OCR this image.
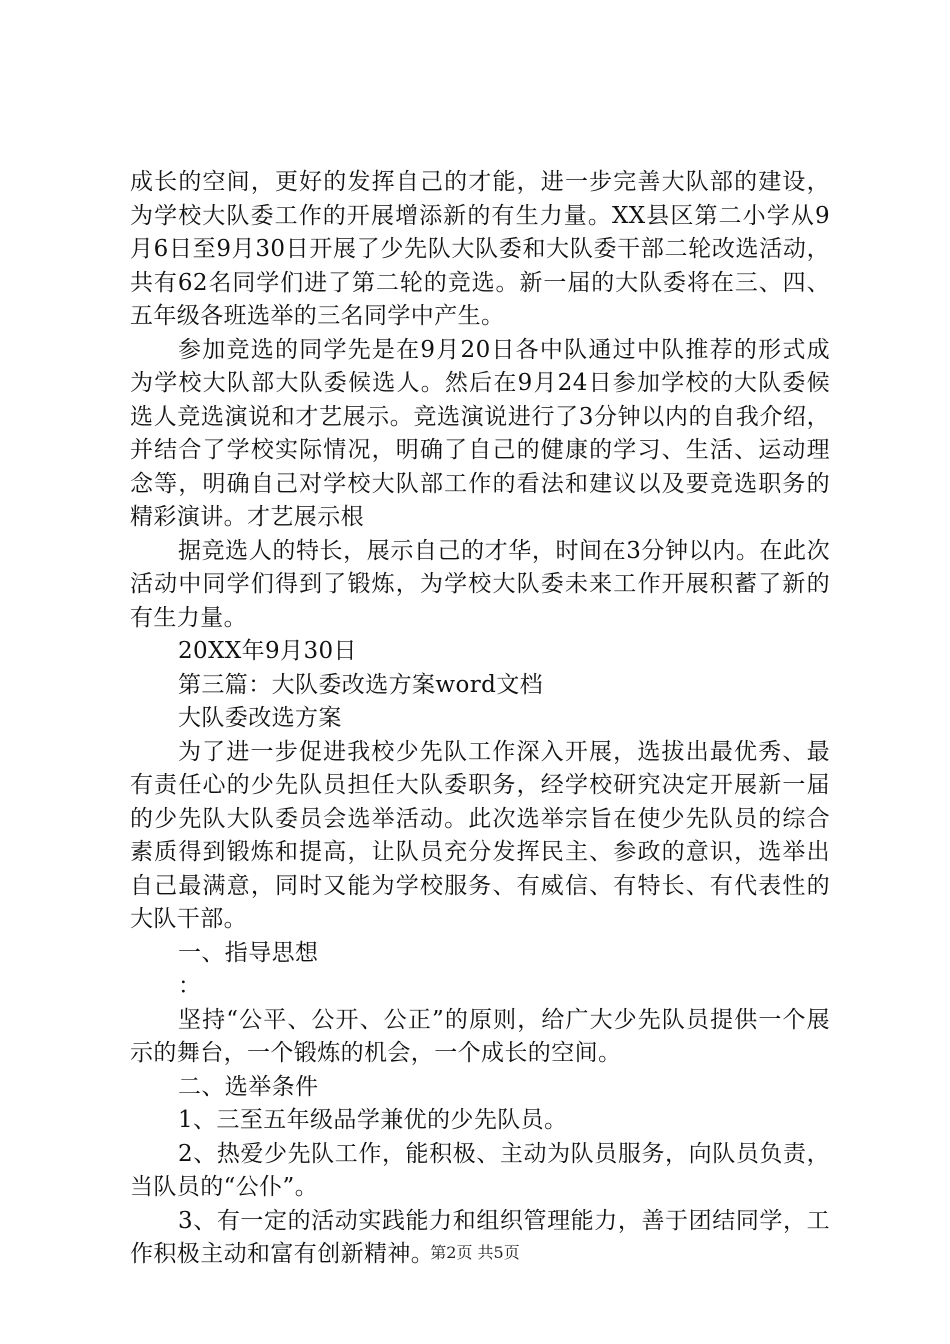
成长的空间，更好的发挥自己的才能，进一步完善大队部的建设，为学校大队委工作的开展增添新的有生力量。XX县区第二小学从9月6日至9月30日开展了少先队大队委和大队委干部二轮改选活动，共有62名同学们进了第二轮的竞选。新一届的大队委将在三、四、五年级各班选举的三名同学中产生。

参加竞选的同学先是在9月20日各中队通过中队推荐的形式成为学校大队部大队委候选人。然后在9月24日参加学校的大队委候选人竞选演说和才艺展示。竞选演说进行了3分钟以内的自我介绍，并结合了学校实际情况，明确了自己的健康的学习、生活、运动理念等，明确自己对学校大队部工作的看法和建议以及要竞选职务的精彩演讲。才艺展示根

据竞选人的特长，展示自己的才华，时间在3分钟以内。在此次活动中同学们得到了锻炼，为学校大队委未来工作开展积蓄了新的有生力量。

20XX年9月30日

第三篇：大队委改选方案word文档

大队委改选方案

为了进一步促进我校少先队工作深入开展，选拔出最优秀、最有责任心的少先队员担任大队委职务，经学校研究决定开展新一届的少先队大队委员会选举活动。此次选举宗旨在使少先队员的综合素质得到锻炼和提高，让队员充分发挥民主、参政的意识，选举出自己最满意，同时又能为学校服务、有威信、有特长、有代表性的大队干部。

一、指导思想

：

坚持“公平、公开、公正”的原则，给广大少先队员提供一个展示的舞台，一个锻炼的机会，一个成长的空间。

二、选举条件

1、三至五年级品学兼优的少先队员。

2、热爱少先队工作，能积极、主动为队员服务，向队员负责，当队员的“公仆”。

3、有一定的活动实践能力和组织管理能力，善于团结同学，工作积极主动和富有创新精神。

第2页 共5页
